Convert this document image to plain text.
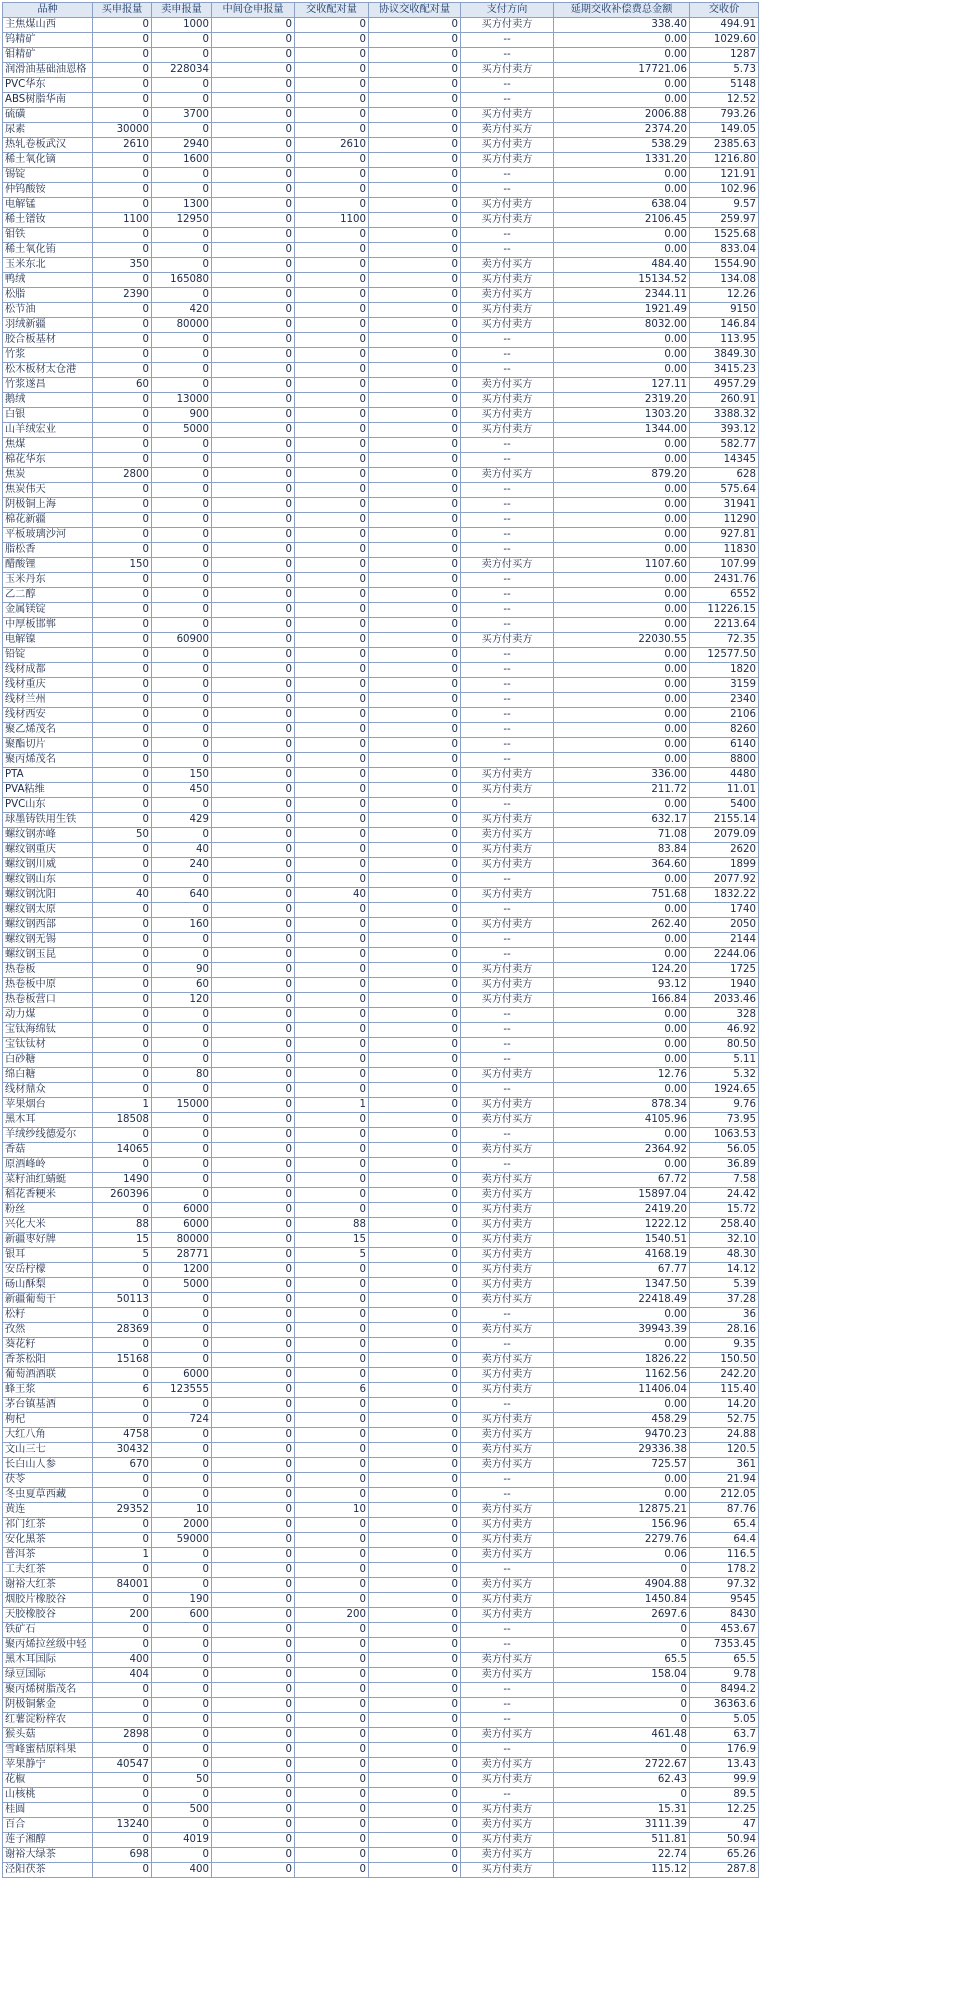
品种	买申报量	卖申报量	中间仓申报量	交收配对量	协议交收配对量	支付方向	延期交收补偿费总金额	交收价
主焦煤山西	0	1000	0	0	0	买方付卖方	338.40	494.91
钨精矿	0	0	0	0	0	--	0.00	1029.60
钼精矿	0	0	0	0	0	--	0.00	1287
润滑油基础油恩格	0	228034	0	0	0	买方付卖方	17721.06	5.73
PVC华东	0	0	0	0	0	--	0.00	5148
ABS树脂华南	0	0	0	0	0	--	0.00	12.52
硫磺	0	3700	0	0	0	买方付卖方	2006.88	793.26
尿素	30000	0	0	0	0	卖方付买方	2374.20	149.05
热轧卷板武汉	2610	2940	0	2610	0	买方付卖方	538.29	2385.63
稀土氧化镝	0	1600	0	0	0	买方付卖方	1331.20	1216.80
锡锭	0	0	0	0	0	--	0.00	121.91
仲钨酸铵	0	0	0	0	0	--	0.00	102.96
电解锰	0	1300	0	0	0	买方付卖方	638.04	9.57
稀土镨钕	1100	12950	0	1100	0	买方付卖方	2106.45	259.97
钼铁	0	0	0	0	0	--	0.00	1525.68
稀土氧化铕	0	0	0	0	0	--	0.00	833.04
玉米东北	350	0	0	0	0	卖方付买方	484.40	1554.90
鸭绒	0	165080	0	0	0	买方付卖方	15134.52	134.08
松脂	2390	0	0	0	0	卖方付买方	2344.11	12.26
松节油	0	420	0	0	0	买方付卖方	1921.49	9150
羽绒新疆	0	80000	0	0	0	买方付卖方	8032.00	146.84
胶合板基材	0	0	0	0	0	--	0.00	113.95
竹浆	0	0	0	0	0	--	0.00	3849.30
松木板材太仓港	0	0	0	0	0	--	0.00	3415.23
竹浆遂昌	60	0	0	0	0	卖方付买方	127.11	4957.29
鹅绒	0	13000	0	0	0	买方付卖方	2319.20	260.91
白银	0	900	0	0	0	买方付卖方	1303.20	3388.32
山羊绒宏业	0	5000	0	0	0	买方付卖方	1344.00	393.12
焦煤	0	0	0	0	0	--	0.00	582.77
棉花华东	0	0	0	0	0	--	0.00	14345
焦炭	2800	0	0	0	0	卖方付买方	879.20	628
焦炭伟天	0	0	0	0	0	--	0.00	575.64
阴极铜上海	0	0	0	0	0	--	0.00	31941
棉花新疆	0	0	0	0	0	--	0.00	11290
平板玻璃沙河	0	0	0	0	0	--	0.00	927.81
脂松香	0	0	0	0	0	--	0.00	11830
醋酸锂	150	0	0	0	0	卖方付买方	1107.60	107.99
玉米丹东	0	0	0	0	0	--	0.00	2431.76
乙二醇	0	0	0	0	0	--	0.00	6552
金属镁锭	0	0	0	0	0	--	0.00	11226.15
中厚板邯郸	0	0	0	0	0	--	0.00	2213.64
电解镍	0	60900	0	0	0	买方付卖方	22030.55	72.35
铅锭	0	0	0	0	0	--	0.00	12577.50
线材成都	0	0	0	0	0	--	0.00	1820
线材重庆	0	0	0	0	0	--	0.00	3159
线材兰州	0	0	0	0	0	--	0.00	2340
线材西安	0	0	0	0	0	--	0.00	2106
聚乙烯茂名	0	0	0	0	0	--	0.00	8260
聚酯切片	0	0	0	0	0	--	0.00	6140
聚丙烯茂名	0	0	0	0	0	--	0.00	8800
PTA	0	150	0	0	0	买方付卖方	336.00	4480
PVA粘维	0	450	0	0	0	买方付卖方	211.72	11.01
PVC山东	0	0	0	0	0	--	0.00	5400
球墨铸铁用生铁	0	429	0	0	0	买方付卖方	632.17	2155.14
螺纹钢赤峰	50	0	0	0	0	卖方付买方	71.08	2079.09
螺纹钢重庆	0	40	0	0	0	买方付卖方	83.84	2620
螺纹钢川威	0	240	0	0	0	买方付卖方	364.60	1899
螺纹钢山东	0	0	0	0	0	--	0.00	2077.92
螺纹钢沈阳	40	640	0	40	0	买方付卖方	751.68	1832.22
螺纹钢太原	0	0	0	0	0	--	0.00	1740
螺纹钢西部	0	160	0	0	0	买方付卖方	262.40	2050
螺纹钢无锡	0	0	0	0	0	--	0.00	2144
螺纹钢玉昆	0	0	0	0	0	--	0.00	2244.06
热卷板	0	90	0	0	0	买方付卖方	124.20	1725
热卷板中原	0	60	0	0	0	买方付卖方	93.12	1940
热卷板营口	0	120	0	0	0	买方付卖方	166.84	2033.46
动力煤	0	0	0	0	0	--	0.00	328
宝钛海绵钛	0	0	0	0	0	--	0.00	46.92
宝钛钛材	0	0	0	0	0	--	0.00	80.50
白砂糖	0	0	0	0	0	--	0.00	5.11
绵白糖	0	80	0	0	0	买方付卖方	12.76	5.32
线材鼎众	0	0	0	0	0	--	0.00	1924.65
苹果烟台	1	15000	0	1	0	买方付卖方	878.34	9.76
黑木耳	18508	0	0	0	0	卖方付买方	4105.96	73.95
羊绒纱线德爱尔	0	0	0	0	0	--	0.00	1063.53
香菇	14065	0	0	0	0	卖方付买方	2364.92	56.05
原酒峰岭	0	0	0	0	0	--	0.00	36.89
菜籽油红蜻蜓	1490	0	0	0	0	卖方付买方	67.72	7.58
稻花香粳米	260396	0	0	0	0	卖方付买方	15897.04	24.42
粉丝	0	6000	0	0	0	买方付卖方	2419.20	15.72
兴化大米	88	6000	0	88	0	买方付卖方	1222.12	258.40
新疆枣好牌	15	80000	0	15	0	买方付卖方	1540.51	32.10
银耳	5	28771	0	5	0	买方付卖方	4168.19	48.30
安岳柠檬	0	1200	0	0	0	买方付卖方	67.77	14.12
砀山酥梨	0	5000	0	0	0	买方付卖方	1347.50	5.39
新疆葡萄干	50113	0	0	0	0	卖方付买方	22418.49	37.28
松籽	0	0	0	0	0	--	0.00	36
孜然	28369	0	0	0	0	卖方付买方	39943.39	28.16
葵花籽	0	0	0	0	0	--	0.00	9.35
香茶松阳	15168	0	0	0	0	卖方付买方	1826.22	150.50
葡萄酒酒联	0	6000	0	0	0	买方付卖方	1162.56	242.20
蜂王浆	6	123555	0	6	0	买方付卖方	11406.04	115.40
茅台镇基酒	0	0	0	0	0	--	0.00	14.20
枸杞	0	724	0	0	0	买方付卖方	458.29	52.75
大红八角	4758	0	0	0	0	卖方付买方	9470.23	24.88
文山三七	30432	0	0	0	0	卖方付买方	29336.38	120.5
长白山人参	670	0	0	0	0	卖方付买方	725.57	361
茯苓	0	0	0	0	0	--	0.00	21.94
冬虫夏草西藏	0	0	0	0	0	--	0.00	212.05
黄连	29352	10	0	10	0	卖方付买方	12875.21	87.76
祁门红茶	0	2000	0	0	0	买方付卖方	156.96	65.4
安化黑茶	0	59000	0	0	0	买方付卖方	2279.76	64.4
普洱茶	1	0	0	0	0	卖方付买方	0.06	116.5
工夫红茶	0	0	0	0	0	--	0	178.2
谢裕大红茶	84001	0	0	0	0	卖方付买方	4904.88	97.32
烟胶片橡胶谷	0	190	0	0	0	买方付卖方	1450.84	9545
天胶橡胶谷	200	600	0	200	0	买方付卖方	2697.6	8430
铁矿石	0	0	0	0	0	--	0	453.67
聚丙烯拉丝级中轻	0	0	0	0	0	--	0	7353.45
黑木耳国际	400	0	0	0	0	卖方付买方	65.5	65.5
绿豆国际	404	0	0	0	0	卖方付买方	158.04	9.78
聚丙烯树脂茂名	0	0	0	0	0	--	0	8494.2
阴极铜紫金	0	0	0	0	0	--	0	36363.6
红薯淀粉梓农	0	0	0	0	0	--	0	5.05
猴头菇	2898	0	0	0	0	卖方付买方	461.48	63.7
雪峰蜜桔原料果	0	0	0	0	0	--	0	176.9
苹果静宁	40547	0	0	0	0	卖方付买方	2722.67	13.43
花椒	0	50	0	0	0	买方付卖方	62.43	99.9
山核桃	0	0	0	0	0	--	0	89.5
桂圆	0	500	0	0	0	买方付卖方	15.31	12.25
百合	13240	0	0	0	0	卖方付买方	3111.39	47
莲子湘醇	0	4019	0	0	0	买方付卖方	511.81	50.94
谢裕大绿茶	698	0	0	0	0	卖方付买方	22.74	65.26
泾阳茯茶	0	400	0	0	0	买方付卖方	115.12	287.8
